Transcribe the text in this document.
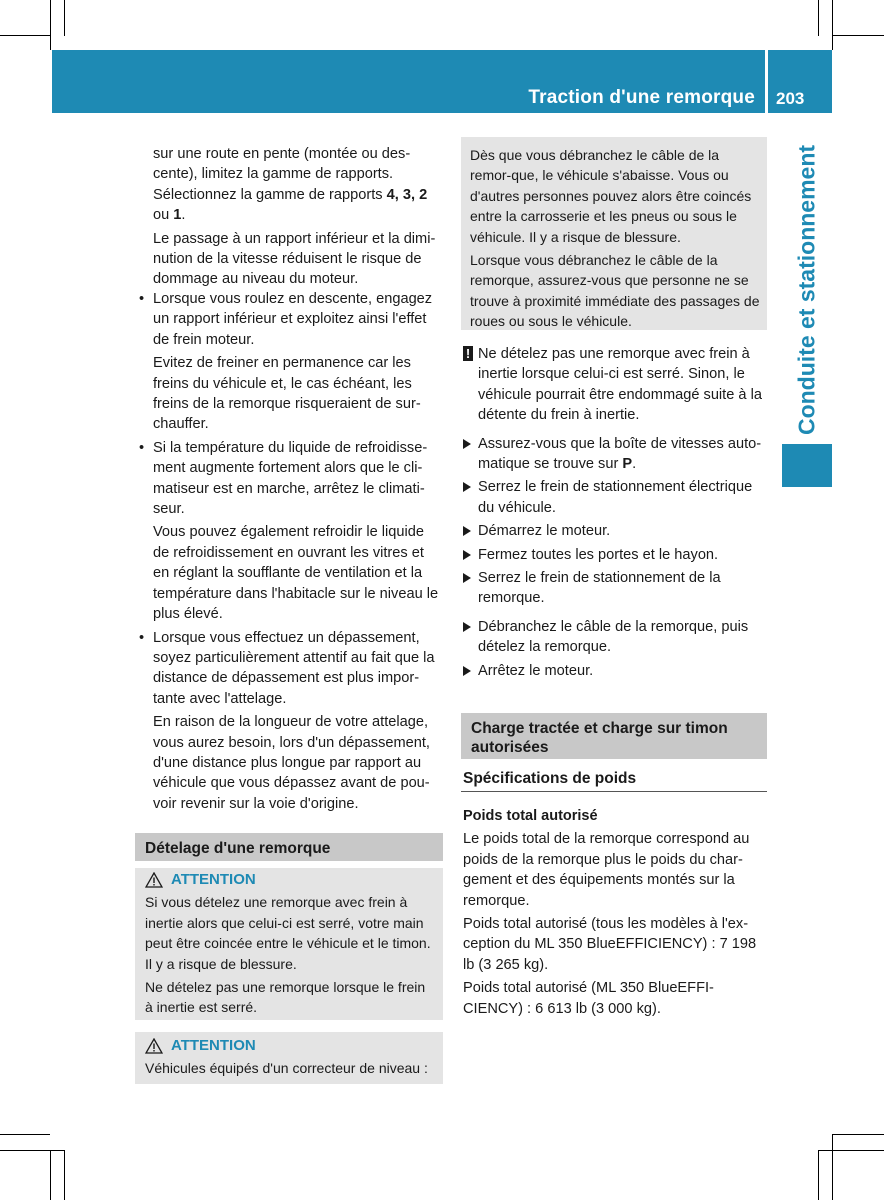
Traction d'une remorque 203
Conduite et stationnement

sur une route en pente (montée ou des-cente), limitez la gamme de rapports. Sélectionnez la gamme de rapports 4, 3, 2 ou 1.

Le passage à un rapport inférieur et la dimi-nution de la vitesse réduisent le risque de dommage au niveau du moteur.

• Lorsque vous roulez en descente, engagez un rapport inférieur et exploitez ainsi l'effet de frein moteur.

Evitez de freiner en permanence car les freins du véhicule et, le cas échéant, les freins de la remorque risqueraient de sur-chauffer.

• Si la température du liquide de refroidisse-ment augmente fortement alors que le cli-matiseur est en marche, arrêtez le climati-seur.

Vous pouvez également refroidir le liquide de refroidissement en ouvrant les vitres et en réglant la soufflante de ventilation et la température dans l'habitacle sur le niveau le plus élevé.

• Lorsque vous effectuez un dépassement, soyez particulièrement attentif au fait que la distance de dépassement est plus impor-tante avec l'attelage.

En raison de la longueur de votre attelage, vous aurez besoin, lors d'un dépassement, d'une distance plus longue par rapport au véhicule que vous dépassez avant de pou-voir revenir sur la voie d'origine.

Dételage d'une remorque
ATTENTION

Si vous dételez une remorque avec frein à inertie alors que celui-ci est serré, votre main peut être coincée entre le véhicule et le timon. Il y a risque de blessure.

Ne dételez pas une remorque lorsque le frein à inertie est serré.

ATTENTION

Véhicules équipés d'un correcteur de niveau :

Dès que vous débranchez le câble de la remor-que, le véhicule s'abaisse. Vous ou d'autres personnes pouvez alors être coincés entre la carrosserie et les pneus ou sous le véhicule. Il y a risque de blessure.

Lorsque vous débranchez le câble de la remorque, assurez-vous que personne ne se trouve à proximité immédiate des passages de roues ou sous le véhicule.

! Ne dételez pas une remorque avec frein à inertie lorsque celui-ci est serré. Sinon, le véhicule pourrait être endommagé suite à la détente du frein à inertie.

Assurez-vous que la boîte de vitesses auto-matique se trouve sur P.

Serrez le frein de stationnement électrique du véhicule.

Démarrez le moteur.

Fermez toutes les portes et le hayon.

Serrez le frein de stationnement de la remorque.

Débranchez le câble de la remorque, puis dételez la remorque.

Arrêtez le moteur.

Charge tractée et charge sur timon autorisées
Spécifications de poids

Poids total autorisé

Le poids total de la remorque correspond au poids de la remorque plus le poids du char-gement et des équipements montés sur la remorque.

Poids total autorisé (tous les modèles à l'ex-ception du ML 350 BlueEFFICIENCY) : 7 198 lb (3 265 kg).

Poids total autorisé (ML 350 BlueEFFI-CIENCY) : 6 613 lb (3 000 kg).
